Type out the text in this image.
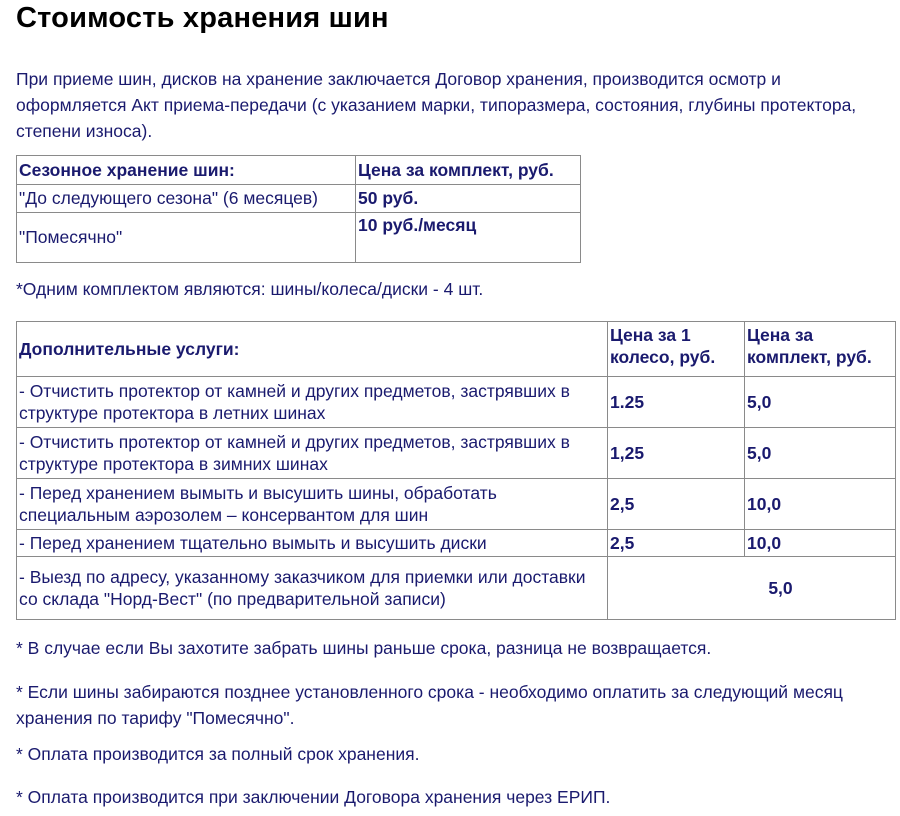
Стоимость хранения шин

При приеме шин, дисков на хранение заключается Договор хранения, производится осмотр и оформляется Акт приема-передачи (с указанием марки, типоразмера, состояния, глубины протектора, степени износа).

Сезонное хранение шин:	Цена за комплект, руб.
"До следующего сезона" (6 месяцев)	50 руб.
"Помесячно"	10 руб./месяц

*Одним комплектом являются: шины/колеса/диски - 4 шт.

Дополнительные услуги:	Цена за 1 колесо, руб.	Цена за комплект, руб.
- Отчистить протектор от камней и других предметов, застрявших в структуре протектора в летних шинах	1.25	5,0
- Отчистить протектор от камней и других предметов, застрявших в структуре протектора в зимних шинах	1,25	5,0
- Перед хранением вымыть и высушить шины, обработать специальным аэрозолем – консервантом для шин	2,5	10,0
- Перед хранением тщательно вымыть и высушить диски	2,5	10,0
- Выезд по адресу, указанному заказчиком для приемки или доставки со склада "Норд-Вест" (по предварительной записи)	5,0	

* В случае если Вы захотите забрать шины раньше срока, разница не возвращается.

* Если шины забираются позднее установленного срока - необходимо оплатить за следующий месяц хранения по тарифу "Помесячно".

* Оплата производится за полный срок хранения.

* Оплата производится при заключении Договора хранения через ЕРИП.
